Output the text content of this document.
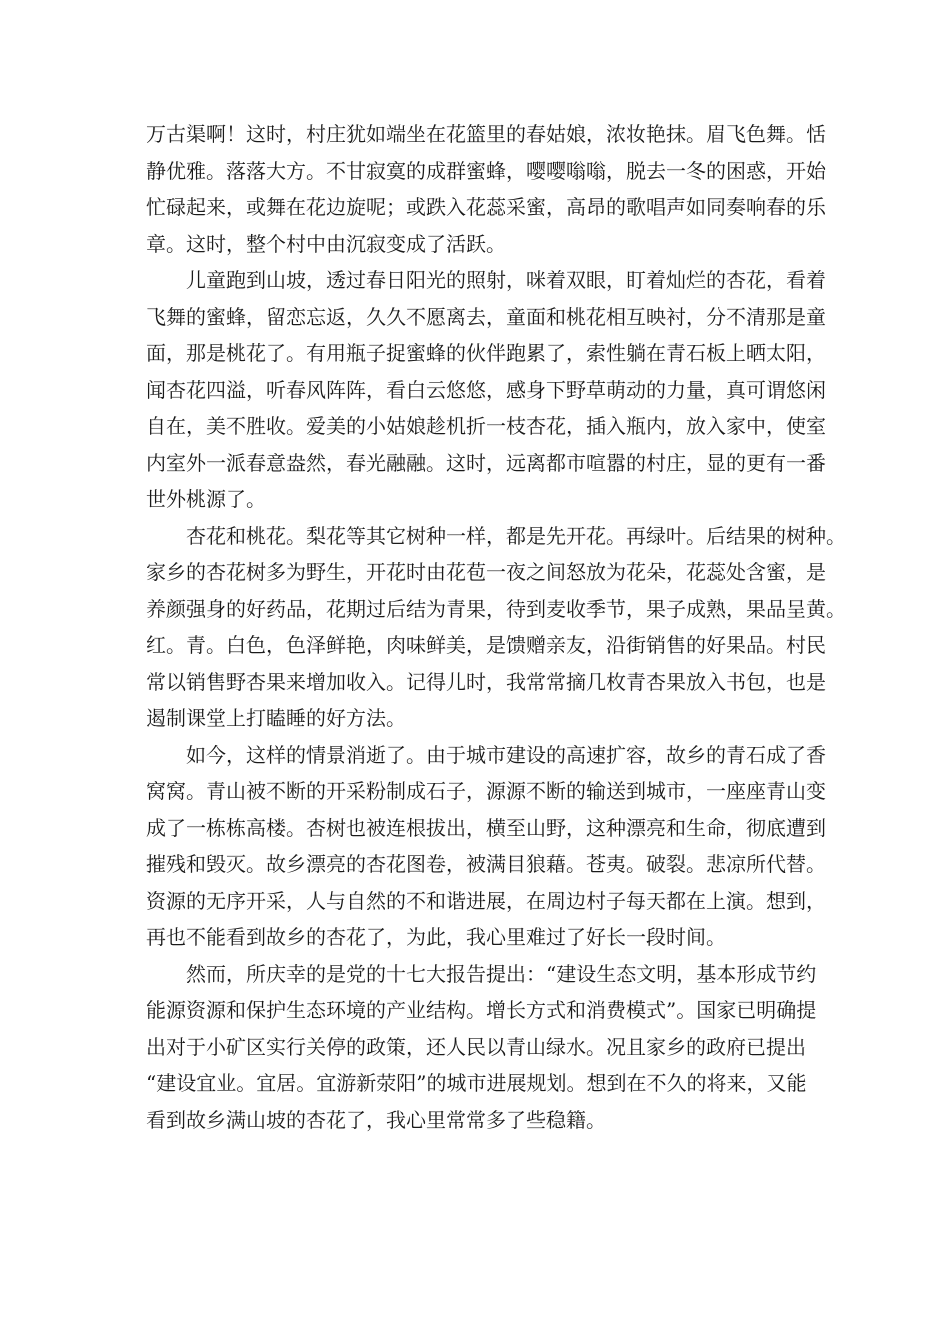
万古渠啊！这时，村庄犹如端坐在花篮里的春姑娘，浓妆艳抹。眉飞色舞。恬
静优雅。落落大方。不甘寂寞的成群蜜蜂，嘤嘤嗡嗡，脱去一冬的困惑，开始
忙碌起来，或舞在花边旋呢；或跌入花蕊采蜜，高昂的歌唱声如同奏响春的乐
章。这时，整个村中由沉寂变成了活跃。
儿童跑到山坡，透过春日阳光的照射，咪着双眼，盯着灿烂的杏花，看着
飞舞的蜜蜂，留恋忘返，久久不愿离去，童面和桃花相互映衬，分不清那是童
面，那是桃花了。有用瓶子捉蜜蜂的伙伴跑累了，索性躺在青石板上晒太阳，
闻杏花四溢，听春风阵阵，看白云悠悠，感身下野草萌动的力量，真可谓悠闲
自在，美不胜收。爱美的小姑娘趁机折一枝杏花，插入瓶内，放入家中，使室
内室外一派春意盎然，春光融融。这时，远离都市喧嚣的村庄，显的更有一番
世外桃源了。
杏花和桃花。梨花等其它树种一样，都是先开花。再绿叶。后结果的树种。
家乡的杏花树多为野生，开花时由花苞一夜之间怒放为花朵，花蕊处含蜜，是
养颜强身的好药品，花期过后结为青果，待到麦收季节，果子成熟，果品呈黄。
红。青。白色，色泽鲜艳，肉味鲜美，是馈赠亲友，沿街销售的好果品。村民
常以销售野杏果来增加收入。记得儿时，我常常摘几枚青杏果放入书包，也是
遏制课堂上打瞌睡的好方法。
如今，这样的情景消逝了。由于城市建设的高速扩容，故乡的青石成了香
窝窝。青山被不断的开采粉制成石子，源源不断的输送到城市，一座座青山变
成了一栋栋高楼。杏树也被连根拔出，横至山野，这种漂亮和生命，彻底遭到
摧残和毁灭。故乡漂亮的杏花图卷，被满目狼藉。苍夷。破裂。悲凉所代替。
资源的无序开采，人与自然的不和谐进展，在周边村子每天都在上演。想到，
再也不能看到故乡的杏花了，为此，我心里难过了好长一段时间。
然而，所庆幸的是党的十七大报告提出：“建设生态文明，基本形成节约
能源资源和保护生态环境的产业结构。增长方式和消费模式”。国家已明确提
出对于小矿区实行关停的政策，还人民以青山绿水。况且家乡的政府已提出
“建设宜业。宜居。宜游新荥阳”的城市进展规划。想到在不久的将来，又能
看到故乡满山坡的杏花了，我心里常常多了些稳籍。
